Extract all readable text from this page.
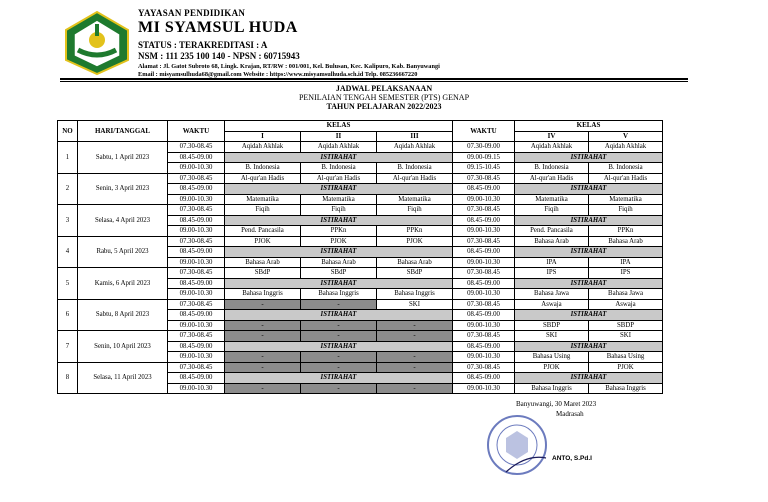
YAYASAN PENDIDIKAN
MI SYAMSUL HUDA
STATUS : TERAKREDITASI : A
NSM : 111 235 100 140 - NPSN : 60715943
Alamat : Jl. Gatot Subroto 68, Lingk. Krajan, RT/RW : 001/001, Kel. Bulusan, Kec. Kalipuro, Kab. Banyuwangi
Email : misyamsulhuda68@gmail.com Website : https://www.misyamsulhuda.sch.id Telp. 085236667220
JADWAL PELAKSANAAN
PENILAIAN TENGAH SEMESTER (PTS) GENAP
TAHUN PELAJARAN 2022/2023
NO	HARI/TANGGAL	WAKTU	KELAS			WAKTU	KELAS	
			I	II	III		IV	V
1	Sabtu, 1 April 2023	07.30-08.45	Aqidah Akhlak	Aqidah Akhlak	Aqidah Akhlak	07.30-09.00	Aqidah Akhlak	Aqidah Akhlak
		08.45-09.00	ISTIRAHAT			09.00-09.15	ISTIRAHAT	
		09.00-10.30	B. Indonesia	B. Indonesia	B. Indonesia	09.15-10.45	B. Indonesia	B. Indonesia
2	Senin, 3 April 2023	07.30-08.45	Al-qur'an Hadis	Al-qur'an Hadis	Al-qur'an Hadis	07.30-08.45	Al-qur'an Hadis	Al-qur'an Hadis
		08.45-09.00	ISTIRAHAT			08.45-09.00	ISTIRAHAT	
		09.00-10.30	Matematika	Matematika	Matematika	09.00-10.30	Matematika	Matematika
3	Selasa, 4 April 2023	07.30-08.45	Fiqih	Fiqih	Fiqih	07.30-08.45	Fiqih	Fiqih
		08.45-09.00	ISTIRAHAT			08.45-09.00	ISTIRAHAT	
		09.00-10.30	Pend. Pancasila	PPKn	PPKn	09.00-10.30	Pend. Pancasila	PPKn
4	Rabu, 5 April 2023	07.30-08.45	PJOK	PJOK	PJOK	07.30-08.45	Bahasa Arab	Bahasa Arab
		08.45-09.00	ISTIRAHAT			08.45-09.00	ISTIRAHAT	
		09.00-10.30	Bahasa Arab	Bahasa Arab	Bahasa Arab	09.00-10.30	IPA	IPA
5	Kamis, 6 April 2023	07.30-08.45	SBdP	SBdP	SBdP	07.30-08.45	IPS	IPS
		08.45-09.00	ISTIRAHAT			08.45-09.00	ISTIRAHAT	
		09.00-10.30	Bahasa Inggris	Bahasa Inggris	Bahasa Inggris	09.00-10.30	Bahasa Jawa	Bahasa Jawa
6	Sabtu, 8 April 2023	07.30-08.45	-	-	SKI	07.30-08.45	Aswaja	Aswaja
		08.45-09.00	ISTIRAHAT			08.45-09.00	ISTIRAHAT	
		09.00-10.30	-	-	-	09.00-10.30	SBDP	SBDP
7	Senin, 10 April 2023	07.30-08.45	-	-	-	07.30-08.45	SKI	SKI
		08.45-09.00	ISTIRAHAT			08.45-09.00	ISTIRAHAT	
		09.00-10.30	-	-	-	09.00-10.30	Bahasa Using	Bahasa Using
8	Selasa, 11 April 2023	07.30-08.45	-	-	-	07.30-08.45	PJOK	PJOK
		08.45-09.00	ISTIRAHAT			08.45-09.00	ISTIRAHAT	
		09.00-10.30	-	-	-	09.00-10.30	Bahasa Inggris	Bahasa Inggris
Banyuwangi, 30 Maret 2023
Madrasah
ANTO, S.Pd.I
